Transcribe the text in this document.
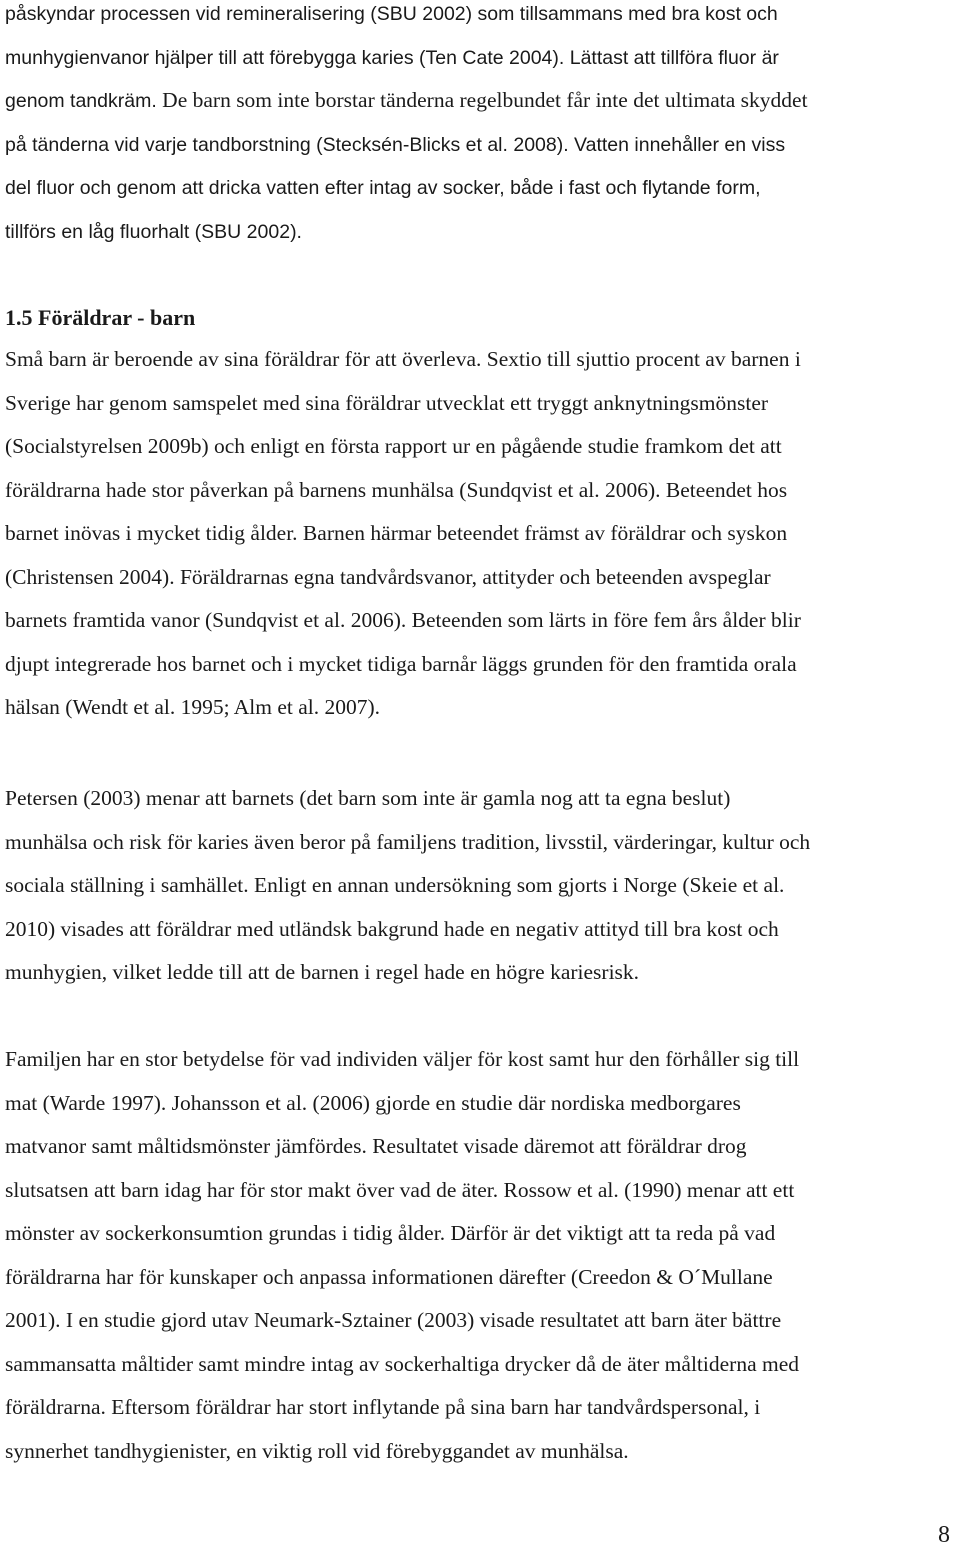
påskyndar processen vid remineralisering (SBU 2002) som tillsammans med bra kost och
munhygienvanor hjälper till att förebygga karies (Ten Cate 2004). Lättast att tillföra fluor är
genom tandkräm. De barn som inte borstar tänderna regelbundet får inte det ultimata skyddet
på tänderna vid varje tandborstning (Stecksén-Blicks et al. 2008). Vatten innehåller en viss
del fluor och genom att dricka vatten efter intag av socker, både i fast och flytande form,
tillförs en låg fluorhalt (SBU 2002).
1.5 Föräldrar - barn
Små barn är beroende av sina föräldrar för att överleva. Sextio till sjuttio procent av barnen i
Sverige har genom samspelet med sina föräldrar utvecklat ett tryggt anknytningsmönster
(Socialstyrelsen 2009b) och enligt en första rapport ur en pågående studie framkom det att
föräldrarna hade stor påverkan på barnens munhälsa (Sundqvist et al. 2006). Beteendet hos
barnet inövas i mycket tidig ålder. Barnen härmar beteendet främst av föräldrar och syskon
(Christensen 2004). Föräldrarnas egna tandvårdsvanor, attityder och beteenden avspeglar
barnets framtida vanor (Sundqvist et al. 2006). Beteenden som lärts in före fem års ålder blir
djupt integrerade hos barnet och i mycket tidiga barnår läggs grunden för den framtida orala
hälsan (Wendt et al. 1995; Alm et al. 2007).
Petersen (2003) menar att barnets (det barn som inte är gamla nog att ta egna beslut)
munhälsa och risk för karies även beror på familjens tradition, livsstil, värderingar, kultur och
sociala ställning i samhället. Enligt en annan undersökning som gjorts i Norge (Skeie et al.
2010) visades att föräldrar med utländsk bakgrund hade en negativ attityd till bra kost och
munhygien, vilket ledde till att de barnen i regel hade en högre kariesrisk.
Familjen har en stor betydelse för vad individen väljer för kost samt hur den förhåller sig till
mat (Warde 1997). Johansson et al. (2006) gjorde en studie där nordiska medborgares
matvanor samt måltidsmönster jämfördes. Resultatet visade däremot att föräldrar drog
slutsatsen att barn idag har för stor makt över vad de äter. Rossow et al. (1990) menar att ett
mönster av sockerkonsumtion grundas i tidig ålder. Därför är det viktigt att ta reda på vad
föräldrarna har för kunskaper och anpassa informationen därefter (Creedon & O´Mullane
2001). I en studie gjord utav Neumark-Sztainer (2003) visade resultatet att barn äter bättre
sammansatta måltider samt mindre intag av sockerhaltiga drycker då de äter måltiderna med
föräldrarna. Eftersom föräldrar har stort inflytande på sina barn har tandvårdspersonal, i
synnerhet tandhygienister, en viktig roll vid förebyggandet av munhälsa.
8
